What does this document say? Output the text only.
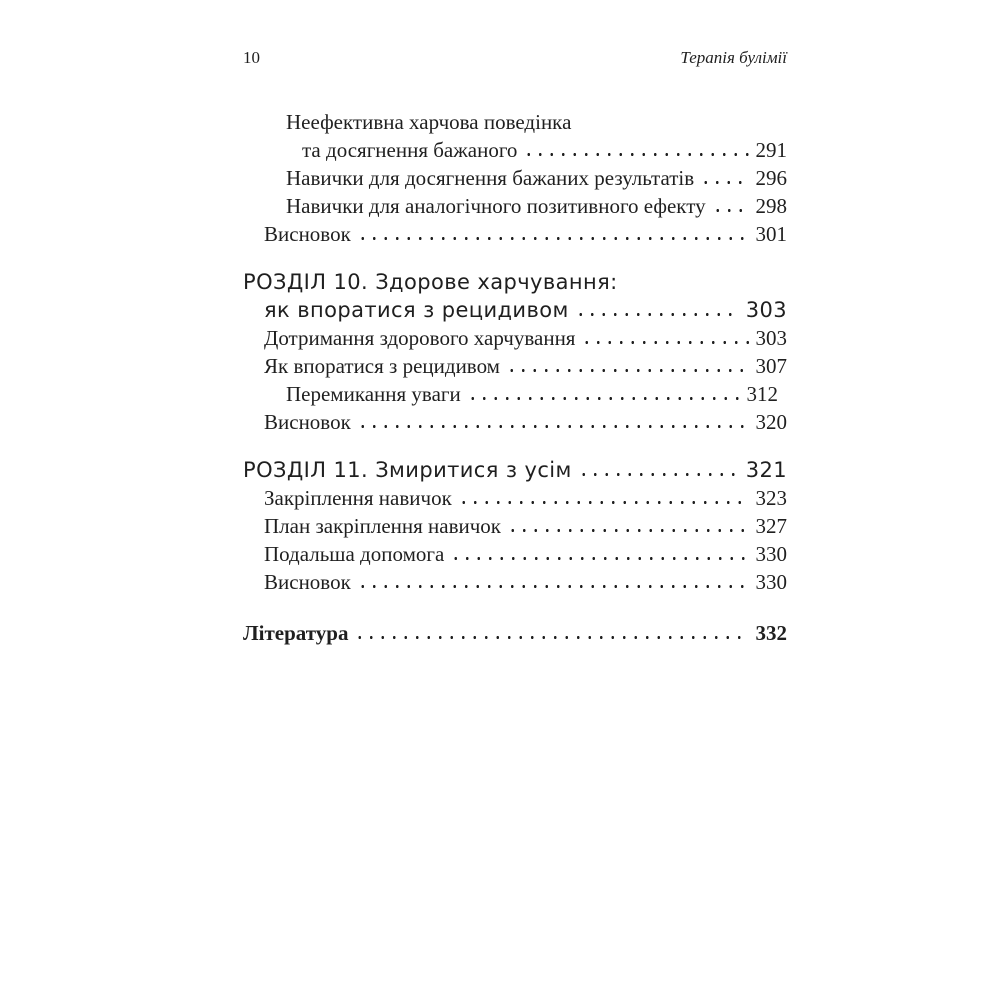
10	Терапія булімії
Неефективна харчова поведінка
та досягнення бажаного	291
Навички для досягнення бажаних результатів	296
Навички для аналогічного позитивного ефекту 298
Висновок	301
РОЗДІЛ 10. Здорове харчування:
як впоратися з рецидивом	303
Дотримання здорового харчування	303
Як впоратися з рецидивом	307
Перемикання уваги	312
Висновок	320
РОЗДІЛ 11. Змиритися з усім	321
Закріплення навичок	323
План закріплення навичок	327
Подальша допомога	330
Висновок	330
Література	332
